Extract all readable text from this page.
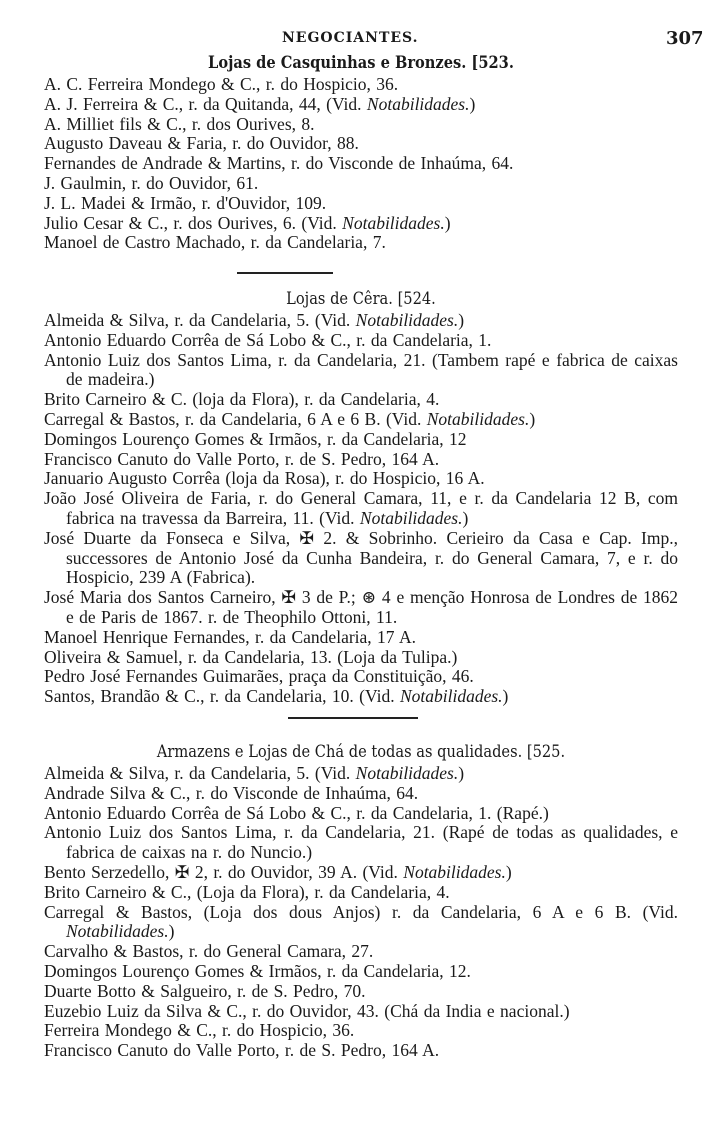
NEGOCIANTES.	307
Lojas de Casquinhas e Bronzes. [523.
A. C. Ferreira Mondego & C., r. do Hospicio, 36.
A. J. Ferreira & C., r. da Quitanda, 44, (Vid. Notabilidades.)
A. Milliet fils & C., r. dos Ourives, 8.
Augusto Daveau & Faria, r. do Ouvidor, 88.
Fernandes de Andrade & Martins, r. do Visconde de Inhaúma, 64.
J. Gaulmin, r. do Ouvidor, 61.
J. L. Madei & Irmão, r. d'Ouvidor, 109.
Julio Cesar & C., r. dos Ourives, 6. (Vid. Notabilidades.)
Manoel de Castro Machado, r. da Candelaria, 7.
Lojas de Cêra. [524.
Almeida & Silva, r. da Candelaria, 5. (Vid. Notabilidades.)
Antonio Eduardo Corrêa de Sá Lobo & C., r. da Candelaria, 1.
Antonio Luiz dos Santos Lima, r. da Candelaria, 21. (Tambem rapé e fabrica de caixas de madeira.)
Brito Carneiro & C. (loja da Flora), r. da Candelaria, 4.
Carregal & Bastos, r. da Candelaria, 6 A e 6 B. (Vid. Notabilidades.)
Domingos Lourenço Gomes & Irmãos, r. da Candelaria, 12
Francisco Canuto do Valle Porto, r. de S. Pedro, 164 A.
Januario Augusto Corrêa (loja da Rosa), r. do Hospicio, 16 A.
João José Oliveira de Faria, r. do General Camara, 11, e r. da Candelaria 12 B, com fabrica na travessa da Barreira, 11. (Vid. Notabilidades.)
José Duarte da Fonseca e Silva, ✠ 2. & Sobrinho. Cerieiro da Casa e Cap. Imp., successores de Antonio José da Cunha Bandeira, r. do General Camara, 7, e r. do Hospicio, 239 A (Fabrica).
José Maria dos Santos Carneiro, ✠ 3 de P.; ⊛ 4 e menção Honrosa de Londres de 1862 e de Paris de 1867. r. de Theophilo Ottoni, 11.
Manoel Henrique Fernandes, r. da Candelaria, 17 A.
Oliveira & Samuel, r. da Candelaria, 13. (Loja da Tulipa.)
Pedro José Fernandes Guimarães, praça da Constituição, 46.
Santos, Brandão & C., r. da Candelaria, 10. (Vid. Notabilidades.)
Armazens e Lojas de Chá de todas as qualidades. [525.
Almeida & Silva, r. da Candelaria, 5. (Vid. Notabilidades.)
Andrade Silva & C., r. do Visconde de Inhaúma, 64.
Antonio Eduardo Corrêa de Sá Lobo & C., r. da Candelaria, 1. (Rapé.)
Antonio Luiz dos Santos Lima, r. da Candelaria, 21. (Rapé de todas as qualidades, e fabrica de caixas na r. do Nuncio.)
Bento Serzedello, ✠ 2, r. do Ouvidor, 39 A. (Vid. Notabilidades.)
Brito Carneiro & C., (Loja da Flora), r. da Candelaria, 4.
Carregal & Bastos, (Loja dos dous Anjos) r. da Candelaria, 6 A e 6 B. (Vid. Notabilidades.)
Carvalho & Bastos, r. do General Camara, 27.
Domingos Lourenço Gomes & Irmãos, r. da Candelaria, 12.
Duarte Botto & Salgueiro, r. de S. Pedro, 70.
Euzebio Luiz da Silva & C., r. do Ouvidor, 43. (Chá da India e nacional.)
Ferreira Mondego & C., r. do Hospicio, 36.
Francisco Canuto do Valle Porto, r. de S. Pedro, 164 A.
